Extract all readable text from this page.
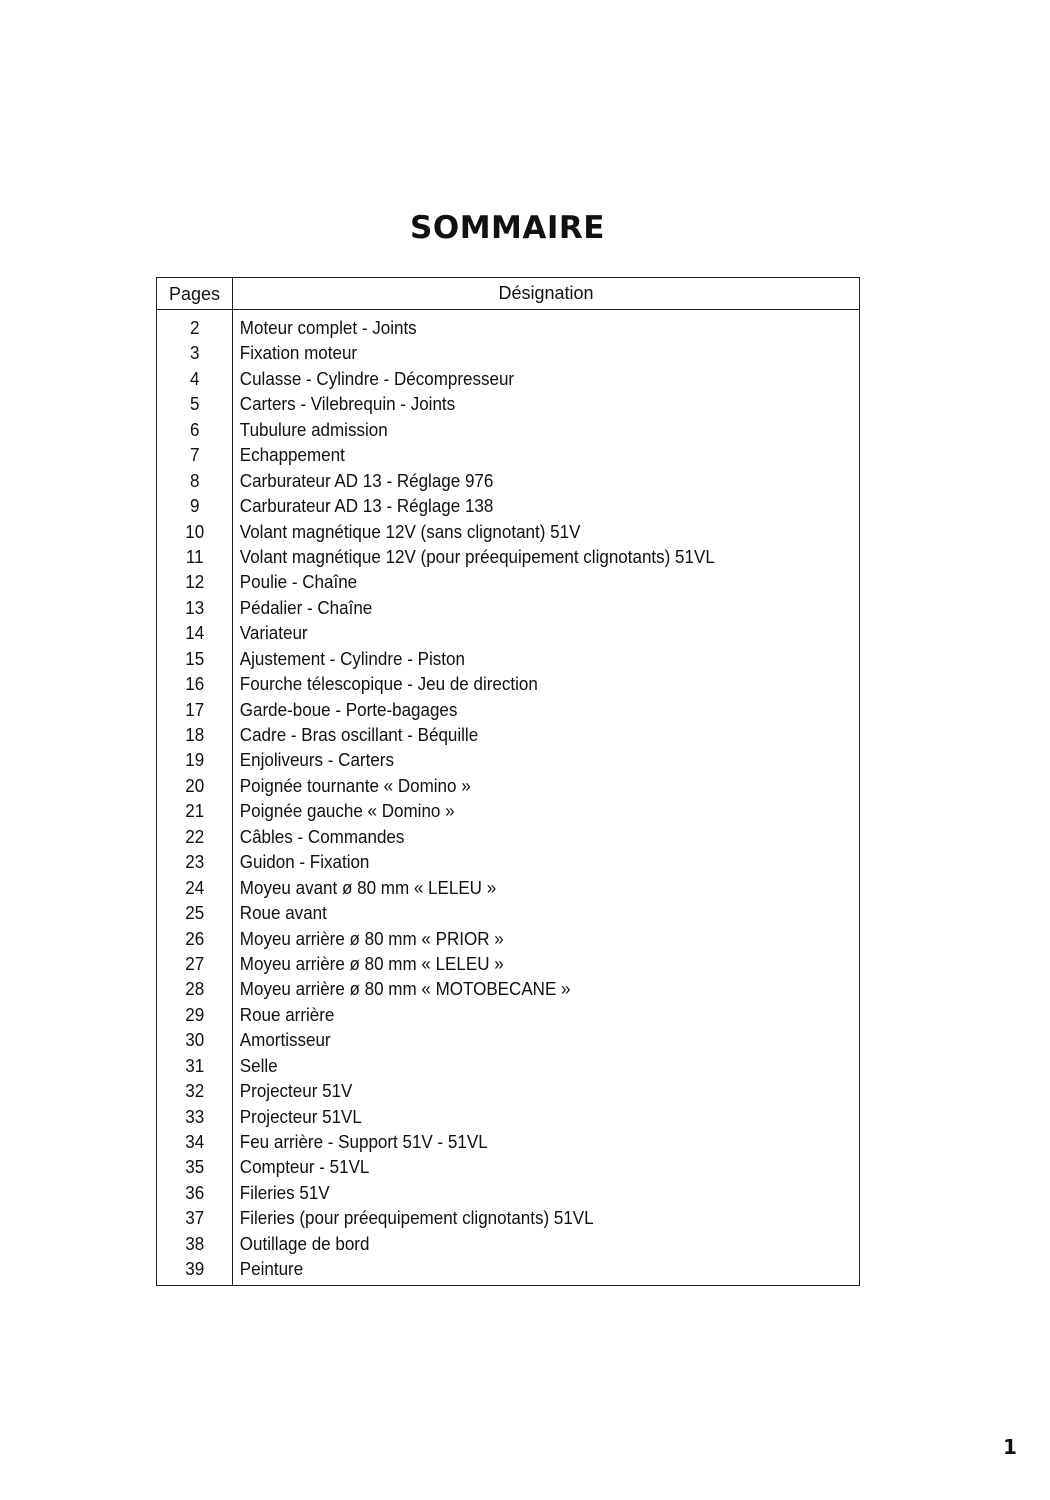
SOMMAIRE
Pages	Désignation
2	Moteur complet - Joints
3	Fixation moteur
4	Culasse - Cylindre - Décompresseur
5	Carters - Vilebrequin - Joints
6	Tubulure admission
7	Echappement
8	Carburateur AD 13 - Réglage 976
9	Carburateur AD 13 - Réglage 138
10	Volant magnétique 12V (sans clignotant) 51V
11	Volant magnétique 12V (pour préequipement clignotants) 51VL
12	Poulie - Chaîne
13	Pédalier - Chaîne
14	Variateur
15	Ajustement - Cylindre - Piston
16	Fourche télescopique - Jeu de direction
17	Garde-boue - Porte-bagages
18	Cadre - Bras oscillant - Béquille
19	Enjoliveurs - Carters
20	Poignée tournante « Domino »
21	Poignée gauche « Domino »
22	Câbles - Commandes
23	Guidon - Fixation
24	Moyeu avant ø 80 mm « LELEU »
25	Roue avant
26	Moyeu arrière ø 80 mm « PRIOR »
27	Moyeu arrière ø 80 mm « LELEU »
28	Moyeu arrière ø 80 mm « MOTOBECANE »
29	Roue arrière
30	Amortisseur
31	Selle
32	Projecteur 51V
33	Projecteur 51VL
34	Feu arrière - Support 51V - 51VL
35	Compteur - 51VL
36	Fileries 51V
37	Fileries (pour préequipement clignotants) 51VL
38	Outillage de bord
39	Peinture
1
